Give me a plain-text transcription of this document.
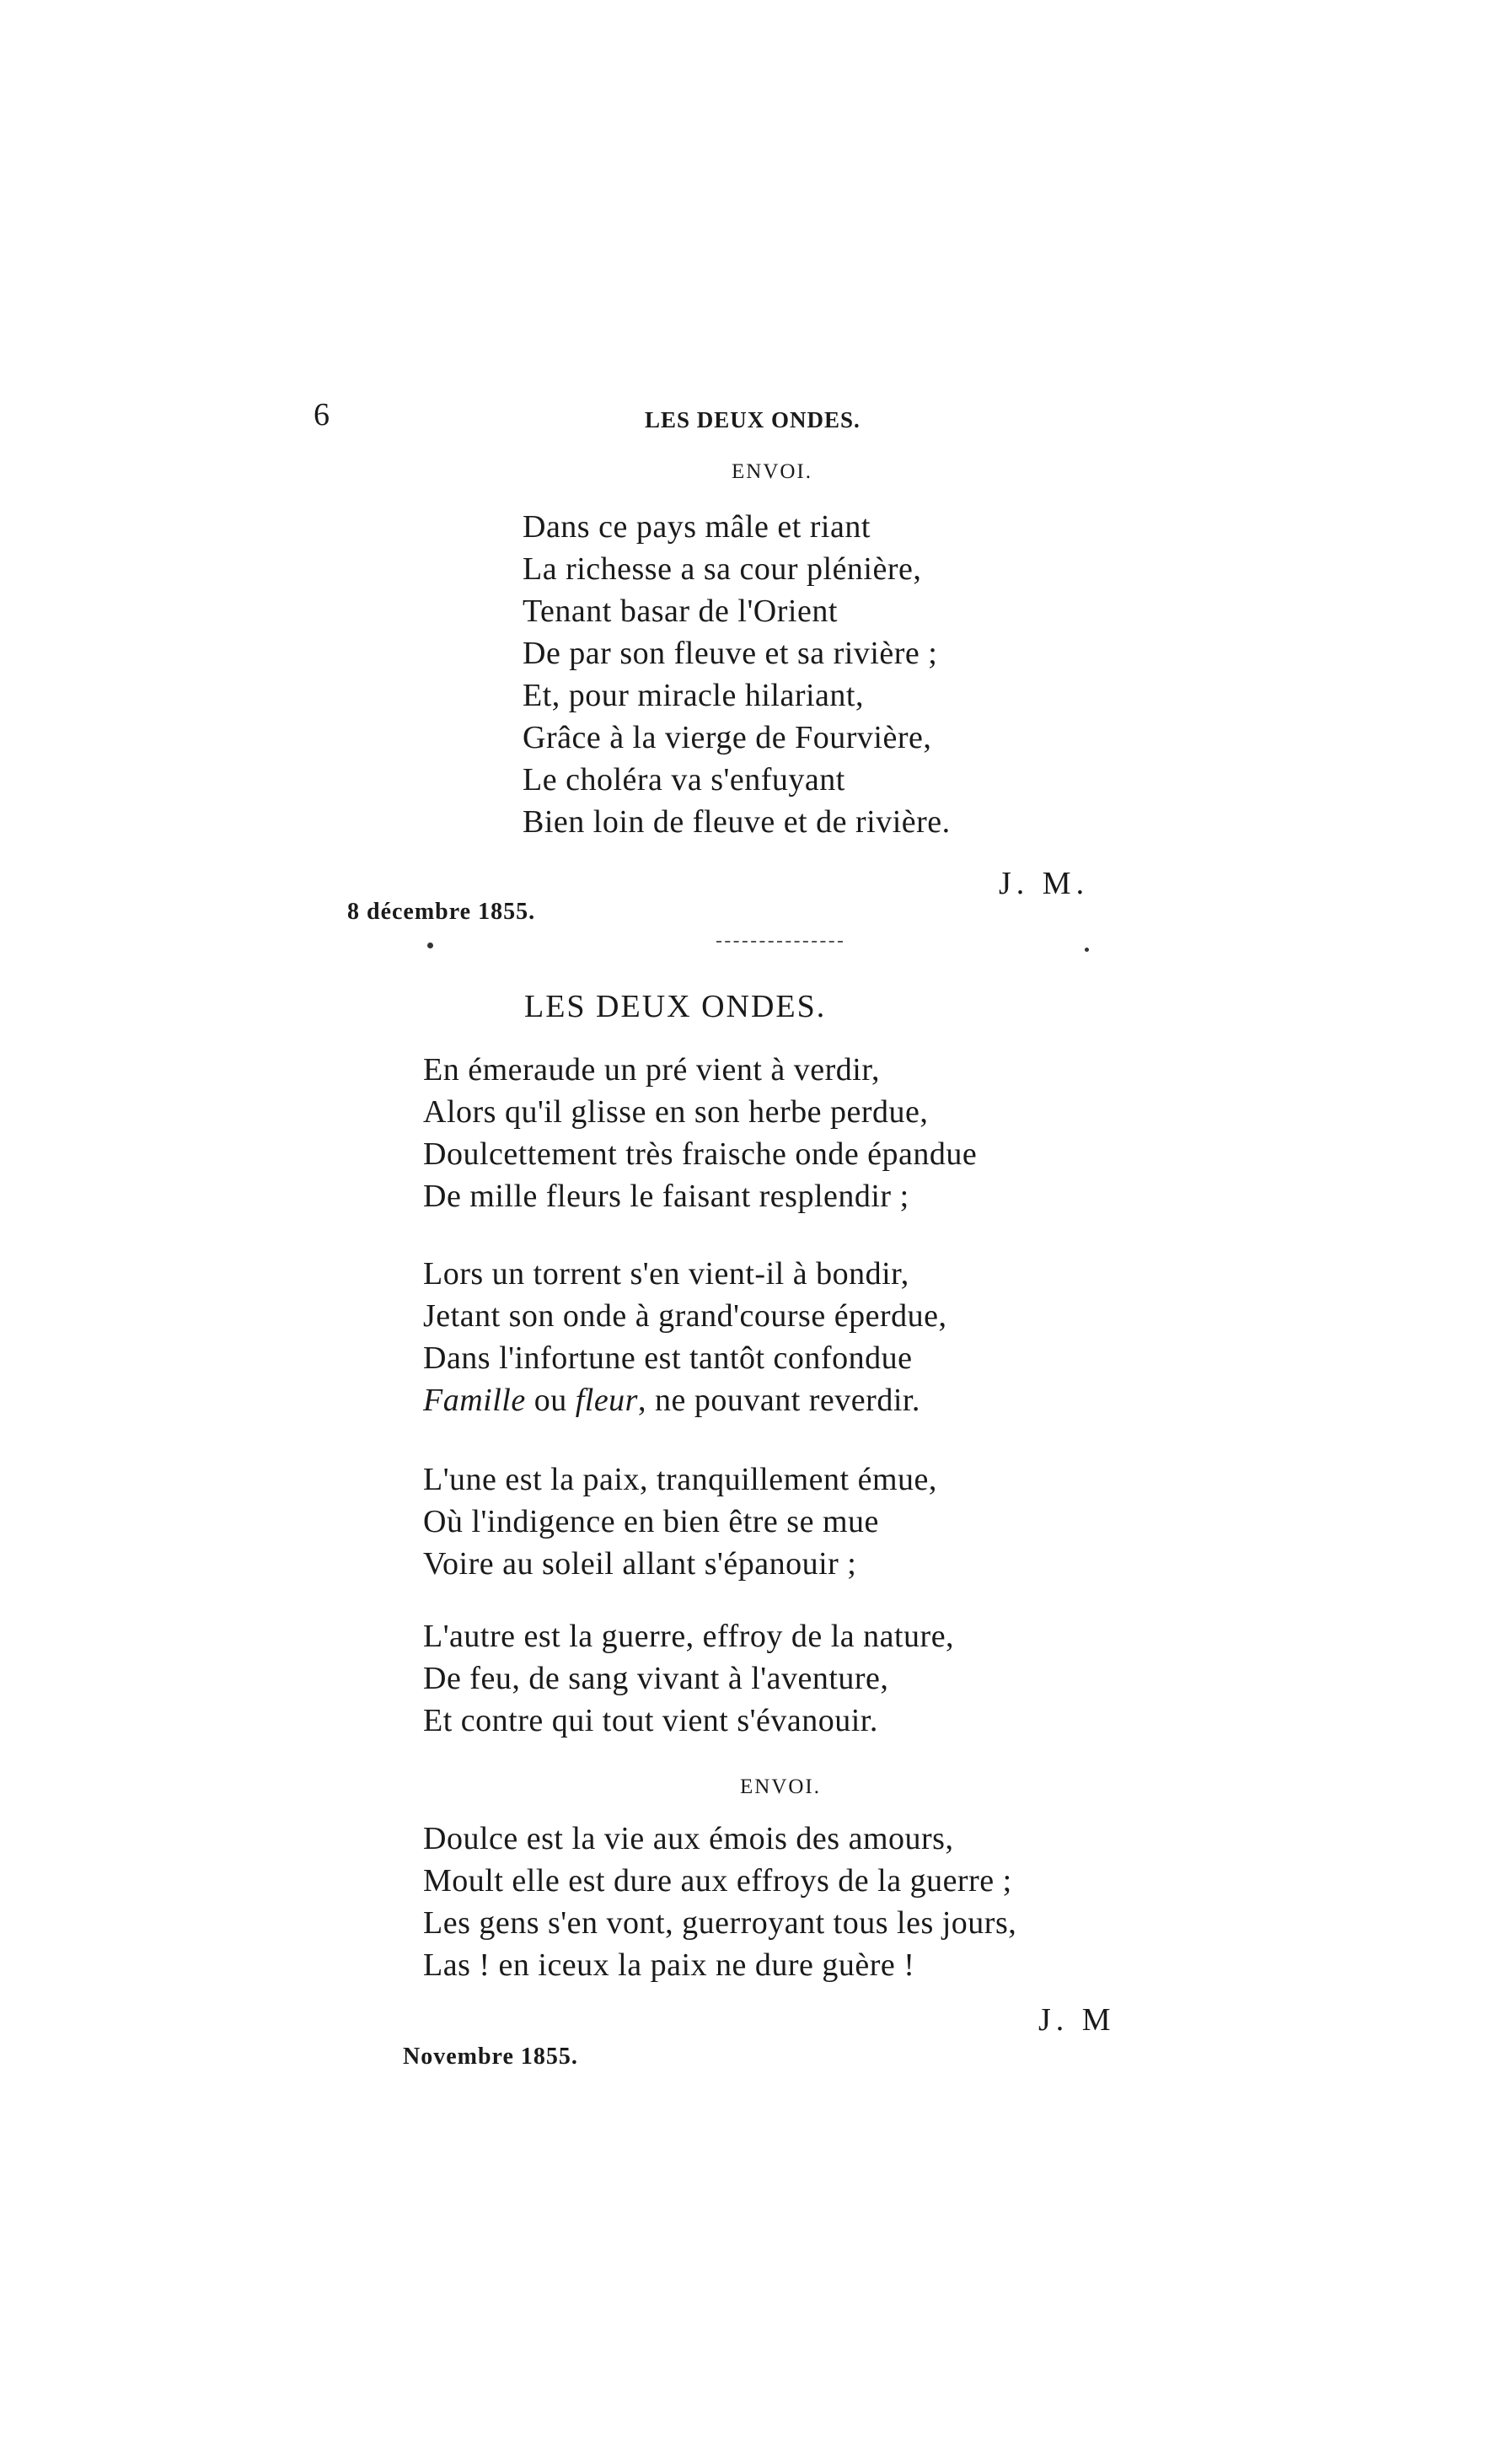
6	LES DEUX ONDES.
ENVOI.
Dans ce pays mâle et riant
La richesse a sa cour plénière,
Tenant basar de l'Orient
De par son fleuve et sa rivière ;
Et, pour miracle hilariant,
Grâce à la vierge de Fourvière,
Le choléra va s'enfuyant
Bien loin de fleuve et de rivière.
J. M.
8 décembre 1855.
LES DEUX ONDES.
En émeraude un pré vient à verdir,
Alors qu'il glisse en son herbe perdue,
Doulcettement très fraische onde épandue
De mille fleurs le faisant resplendir ;
Lors un torrent s'en vient-il à bondir,
Jetant son onde à grand'course éperdue,
Dans l'infortune est tantôt confondue
Famille ou fleur, ne pouvant reverdir.
L'une est la paix, tranquillement émue,
Où l'indigence en bien être se mue
Voire au soleil allant s'épanouir ;
L'autre est la guerre, effroy de la nature,
De feu, de sang vivant à l'aventure,
Et contre qui tout vient s'évanouir.
ENVOI.
Doulce est la vie aux émois des amours,
Moult elle est dure aux effroys de la guerre ;
Les gens s'en vont, guerroyant tous les jours,
Las ! en iceux la paix ne dure guère !
J. M
Novembre 1855.
